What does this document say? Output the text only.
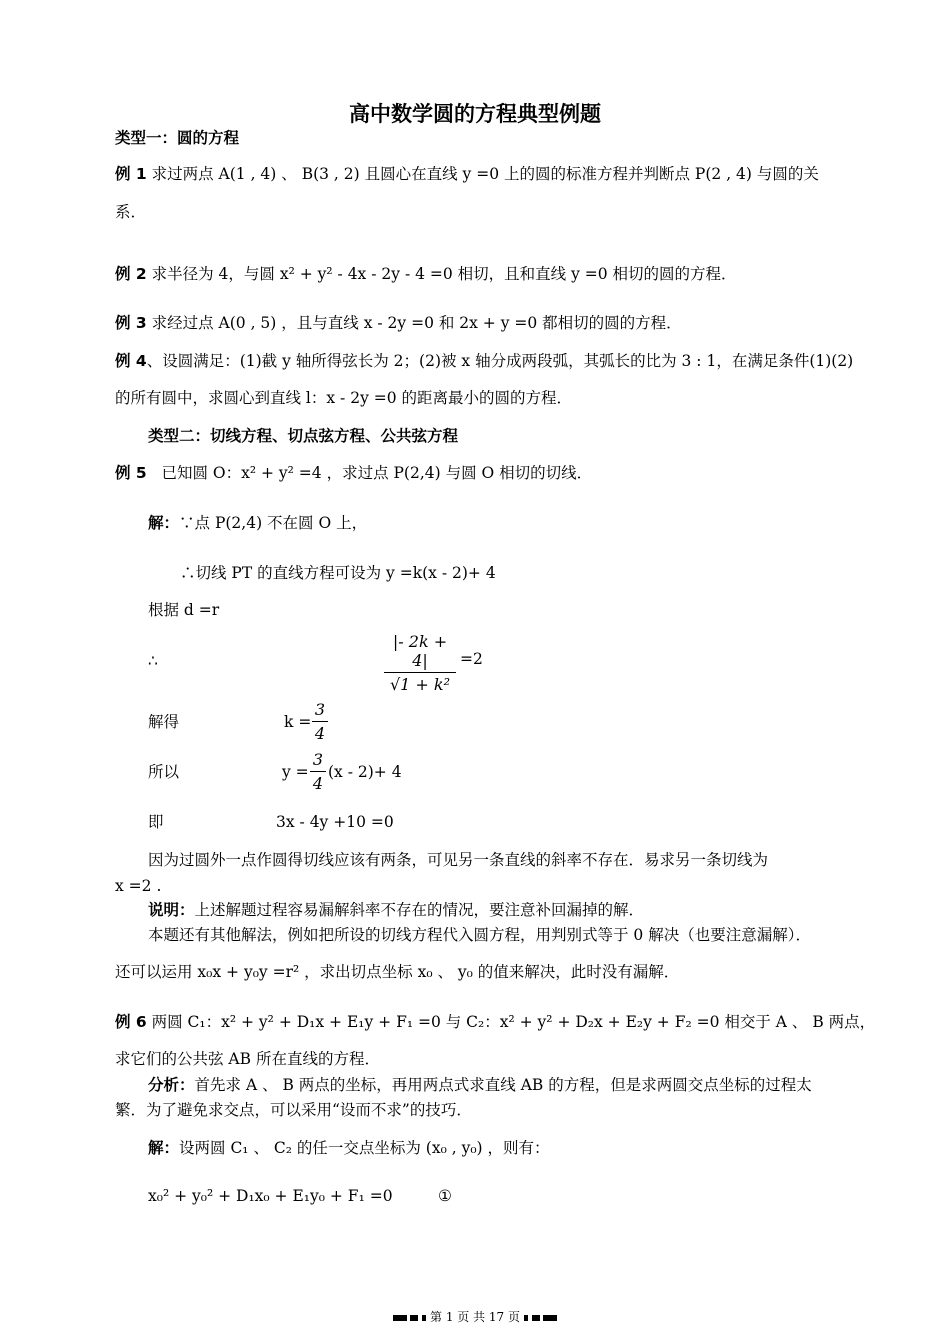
高中数学圆的方程典型例题
类型一：圆的方程
例 1 求过两点 A(1 , 4) 、 B(3 , 2) 且圆心在直线 y =0 上的圆的标准方程并判断点 P(2 , 4) 与圆的关
系．
例 2 求半径为 4，与圆 x² + y² - 4x - 2y - 4 =0 相切，且和直线 y =0 相切的圆的方程．
例 3 求经过点 A(0 , 5) ，且与直线 x - 2y =0 和 2x + y =0 都相切的圆的方程．
例 4、设圆满足：(1)截 y 轴所得弦长为 2；(2)被 x 轴分成两段弧，其弧长的比为 3 : 1，在满足条件(1)(2)
的所有圆中，求圆心到直线 l：x - 2y =0 的距离最小的圆的方程．
类型二：切线方程、切点弦方程、公共弦方程
例 5 已知圆 O：x² + y² =4 ，求过点 P(2,4) 与圆 O 相切的切线．
解：∵点 P(2,4) 不在圆 O 上，
∴切线 PT 的直线方程可设为 y =k(x - 2)+ 4
根据 d =r
∴
|- 2k + 4|
√1 + k²
=2
解得	k =
3
4
所以	y =
3
4
(x - 2)+ 4
即	3x - 4y +10 =0
因为过圆外一点作圆得切线应该有两条，可见另一条直线的斜率不存在．易求另一条切线为
x =2 .
说明：上述解题过程容易漏解斜率不存在的情况，要注意补回漏掉的解．
本题还有其他解法，例如把所设的切线方程代入圆方程，用判别式等于 0 解决（也要注意漏解）．
还可以运用 x₀x + y₀y =r² ，求出切点坐标 x₀ 、 y₀ 的值来解决，此时没有漏解．
例 6 两圆 C₁：x² + y² + D₁x + E₁y + F₁ =0 与 C₂：x² + y² + D₂x + E₂y + F₂ =0 相交于 A 、 B 两点，
求它们的公共弦 AB 所在直线的方程．
分析：首先求 A 、 B 两点的坐标，再用两点式求直线 AB 的方程，但是求两圆交点坐标的过程太
繁．为了避免求交点，可以采用“设而不求”的技巧．
解：设两圆 C₁ 、 C₂ 的任一交点坐标为 (x₀ , y₀) ，则有：
x₀² + y₀² + D₁x₀ + E₁y₀ + F₁ =0	①
第 1 页 共 17 页
